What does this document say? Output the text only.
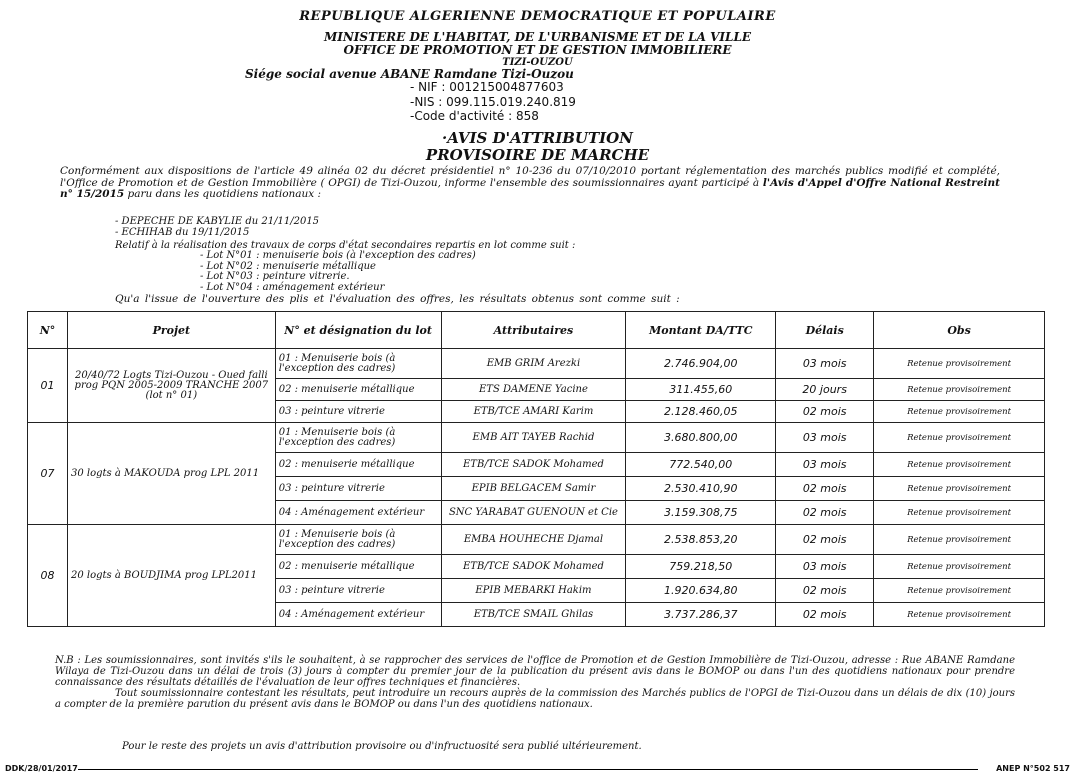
REPUBLIQUE ALGERIENNE DEMOCRATIQUE ET POPULAIRE
MINISTERE DE L'HABITAT, DE L'URBANISME ET DE LA VILLE
OFFICE DE PROMOTION ET DE GESTION IMMOBILIERE
TIZI-OUZOU
Siége social avenue ABANE Ramdane Tizi-Ouzou
- NIF : 001215004877603
-NIS : 099.115.019.240.819
-Code d'activité : 858
·AVIS D'ATTRIBUTION
PROVISOIRE DE MARCHE
Conformément aux dispositions de l'article 49 alinéa 02 du décret présidentiel n° 10-236 du 07/10/2010 portant réglementation des marchés publics modifié et complété, l'Office de Promotion et de Gestion Immobilière ( OPGI) de Tizi-Ouzou, informe l'ensemble des soumissionnaires ayant participé à l'Avis d'Appel d'Offre National Restreint n° 15/2015 paru dans les quotidiens nationaux :
- DEPECHE DE KABYLIE du 21/11/2015
- ECHIHAB du 19/11/2015
Relatif à la réalisation des travaux de corps d'état secondaires repartis en lot comme suit :
- Lot N°01 : menuiserie bois (à l'exception des cadres)
- Lot N°02 : menuiserie métallique
- Lot N°03 : peinture vitrerie.
- Lot N°04 : aménagement extérieur
Qu'a l'issue de l'ouverture des plis et l'évaluation des offres, les résultats obtenus sont comme suit :
N°	Projet	N° et désignation du lot	Attributaires	Montant DA/TTC	Délais	Obs
01	20/40/72 Logts Tizi-Ouzou - Oued falli prog PQN 2005-2009 TRANCHE 2007 (lot n° 01)	01 : Menuiserie bois (à l'exception des cadres)	EMB GRIM Arezki	2.746.904,00	03 mois	Retenue provisoirement
		02 : menuiserie métallique	ETS DAMENE Yacine	311.455,60	20 jours	Retenue provisoirement
		03 : peinture vitrerie	ETB/TCE AMARI Karim	2.128.460,05	02 mois	Retenue provisoirement
07	30 logts à MAKOUDA prog LPL 2011	01 : Menuiserie bois (à l'exception des cadres)	EMB AIT TAYEB Rachid	3.680.800,00	03 mois	Retenue provisoirement
		02 : menuiserie métallique	ETB/TCE SADOK Mohamed	772.540,00	03 mois	Retenue provisoirement
		03 : peinture vitrerie	EPIB BELGACEM Samir	2.530.410,90	02 mois	Retenue provisoirement
		04 : Aménagement extérieur	SNC YARABAT GUENOUN et Cie	3.159.308,75	02 mois	Retenue provisoirement
08	20 logts à BOUDJIMA prog LPL2011	01 : Menuiserie bois (à l'exception des cadres)	EMBA HOUHECHE Djamal	2.538.853,20	02 mois	Retenue provisoirement
		02 : menuiserie métallique	ETB/TCE SADOK Mohamed	759.218,50	03 mois	Retenue provisoirement
		03 : peinture vitrerie	EPIB MEBARKI Hakim	1.920.634,80	02 mois	Retenue provisoirement
		04 : Aménagement extérieur	ETB/TCE SMAIL Ghilas	3.737.286,37	02 mois	Retenue provisoirement
N.B : Les soumissionnaires, sont invités s'ils le souhaitent, à se rapprocher des services de l'office de Promotion et de Gestion Immobilière de Tizi-Ouzou, adresse : Rue ABANE Ramdane Wilaya de Tizi-Ouzou dans un délai de trois (3) jours à compter du premier jour de la publication du présent avis dans le BOMOP ou dans l'un des quotidiens nationaux pour prendre connaissance des résultats détaillés de l'évaluation de leur offres techniques et financières.
Tout soumissionnaire contestant les résultats, peut introduire un recours auprès de la commission des Marchés publics de l'OPGI de Tizi-Ouzou dans un délais de dix (10) jours a compter de la première parution du présent avis dans le BOMOP ou dans l'un des quotidiens nationaux.
Pour le reste des projets un avis d'attribution provisoire ou d'infructuosité sera publié ultérieurement.
DDK/28/01/2017	ANEP N°502 517
